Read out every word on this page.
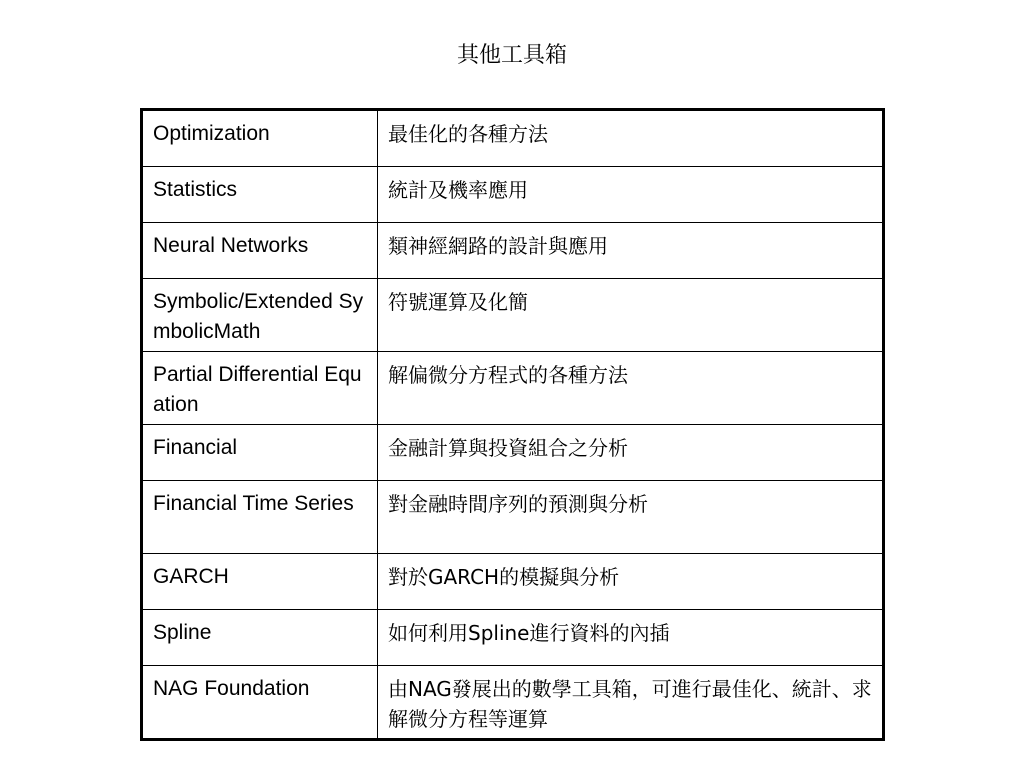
其他工具箱
Optimization	最佳化的各種方法
Statistics	統計及機率應用
Neural Networks	類神經網路的設計與應用
Symbolic/Extended SymbolicMath	符號運算及化簡
Partial Differential Equation	解偏微分方程式的各種方法
Financial	金融計算與投資組合之分析
Financial Time Series	對金融時間序列的預測與分析
GARCH	對於GARCH的模擬與分析
Spline	如何利用Spline進行資料的內插
NAG Foundation	由NAG發展出的數學工具箱，可進行最佳化、統計、求解微分方程等運算
